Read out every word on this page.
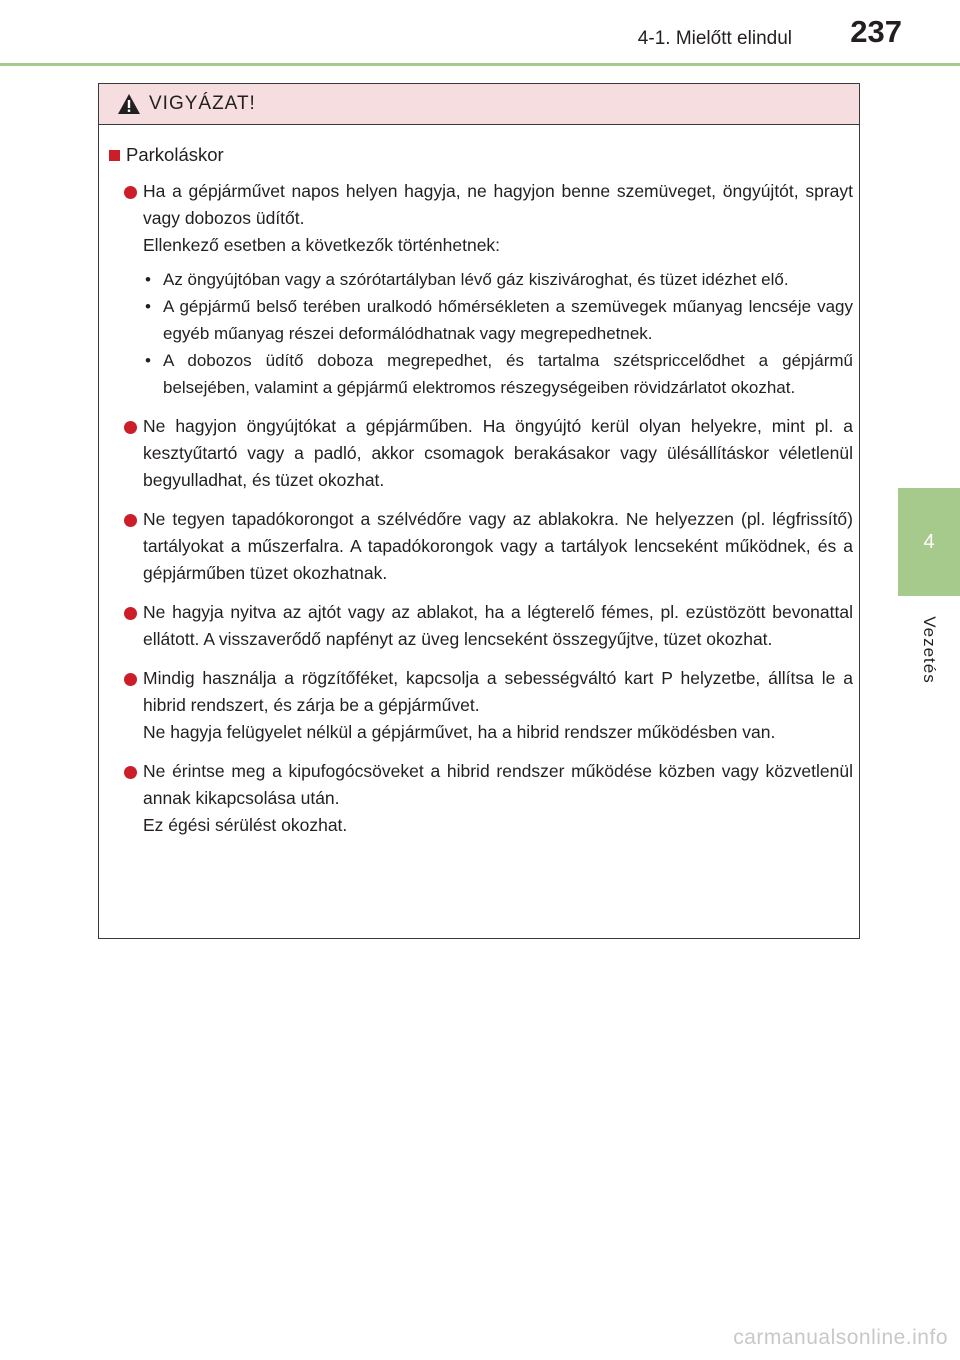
4-1. Mielőtt elindul	237
4
Vezetés
VIGYÁZAT!
Parkoláskor

Ha a gépjárművet napos helyen hagyja, ne hagyjon benne szemüveget, öngyújtót, sprayt vagy dobozos üdítőt.

Ellenkező esetben a következők történhetnek:

• Az öngyújtóban vagy a szórótartályban lévő gáz kiszivároghat, és tüzet idézhet elő.

• A gépjármű belső terében uralkodó hőmérsékleten a szemüvegek műanyag lencséje vagy egyéb műanyag részei deformálódhatnak vagy megrepedhetnek.

• A dobozos üdítő doboza megrepedhet, és tartalma szétspriccelődhet a gépjármű belsejében, valamint a gépjármű elektromos részegységeiben rövidzárlatot okozhat.

Ne hagyjon öngyújtókat a gépjárműben. Ha öngyújtó kerül olyan helyekre, mint pl. a kesztyűtartó vagy a padló, akkor csomagok berakásakor vagy ülésállításkor véletlenül begyulladhat, és tüzet okozhat.

Ne tegyen tapadókorongot a szélvédőre vagy az ablakokra. Ne helyezzen (pl. légfrissítő) tartályokat a műszerfalra. A tapadókorongok vagy a tartályok lencseként működnek, és a gépjárműben tüzet okozhatnak.

Ne hagyja nyitva az ajtót vagy az ablakot, ha a légterelő fémes, pl. ezüstözött bevonattal ellátott. A visszaverődő napfényt az üveg lencseként összegyűjtve, tüzet okozhat.

Mindig használja a rögzítőféket, kapcsolja a sebességváltó kart P helyzetbe, állítsa le a hibrid rendszert, és zárja be a gépjárművet.

Ne hagyja felügyelet nélkül a gépjárművet, ha a hibrid rendszer működésben van.

Ne érintse meg a kipufogócsöveket a hibrid rendszer működése közben vagy közvetlenül annak kikapcsolása után.

Ez égési sérülést okozhat.

carmanualsonline.info
